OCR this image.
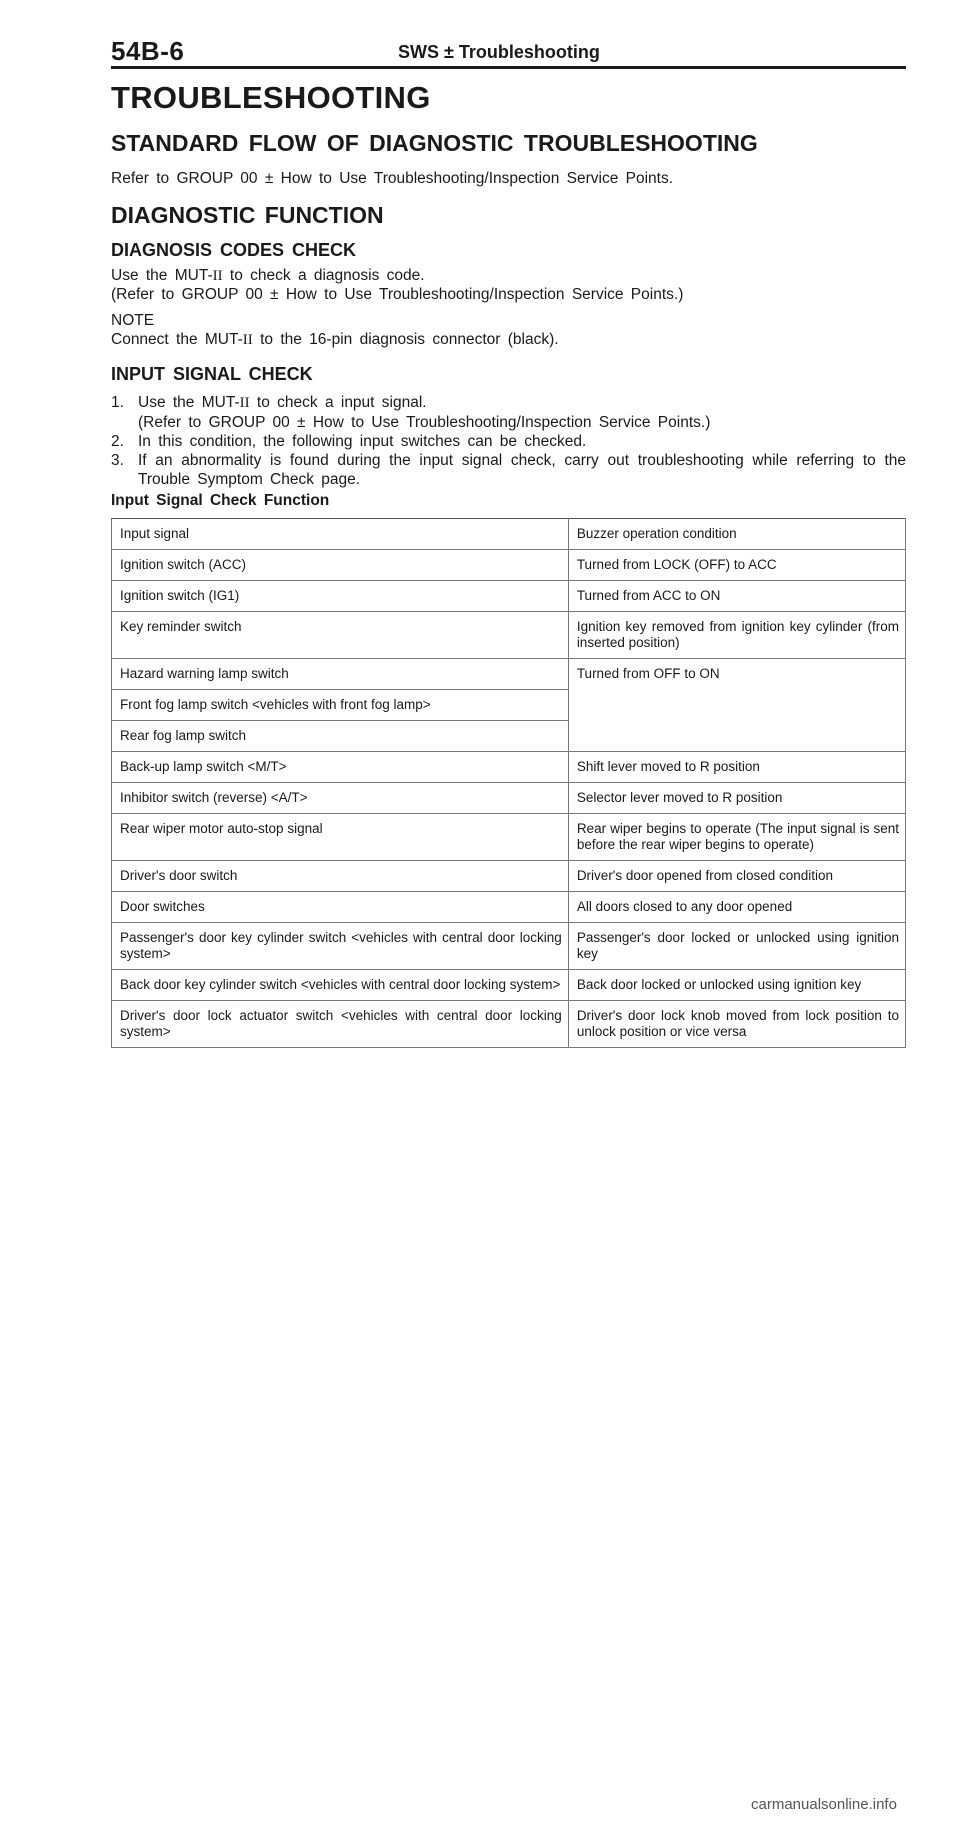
54B-6	SWS ± Troubleshooting
TROUBLESHOOTING
STANDARD FLOW OF DIAGNOSTIC TROUBLESHOOTING
Refer to GROUP 00 ± How to Use Troubleshooting/Inspection Service Points.
DIAGNOSTIC FUNCTION
DIAGNOSIS CODES CHECK
Use the MUT-II to check a diagnosis code.
(Refer to GROUP 00 ± How to Use Troubleshooting/Inspection Service Points.)
NOTE
Connect the MUT-II to the 16-pin diagnosis connector (black).
INPUT SIGNAL CHECK
1. Use the MUT-II to check a input signal.
(Refer to GROUP 00 ± How to Use Troubleshooting/Inspection Service Points.)
2. In this condition, the following input switches can be checked.
3. If an abnormality is found during the input signal check, carry out troubleshooting while referring to the Trouble Symptom Check page.
Input Signal Check Function
Input signal	Buzzer operation condition
Ignition switch (ACC)	Turned from LOCK (OFF) to ACC
Ignition switch (IG1)	Turned from ACC to ON
Key reminder switch	Ignition key removed from ignition key cylinder (from inserted position)
Hazard warning lamp switch	Turned from OFF to ON
Front fog lamp switch <vehicles with front fog lamp>	
Rear fog lamp switch	
Back-up lamp switch <M/T>	Shift lever moved to R position
Inhibitor switch (reverse) <A/T>	Selector lever moved to R position
Rear wiper motor auto-stop signal	Rear wiper begins to operate (The input signal is sent before the rear wiper begins to operate)
Driver's door switch	Driver's door opened from closed condition
Door switches	All doors closed to any door opened
Passenger's door key cylinder switch <vehicles with central door locking system>	Passenger's door locked or unlocked using ignition key
Back door key cylinder switch <vehicles with central door locking system>	Back door locked or unlocked using ignition key
Driver's door lock actuator switch <vehicles with central door locking system>	Driver's door lock knob moved from lock position to unlock position or vice versa
carmanualsonline.info
